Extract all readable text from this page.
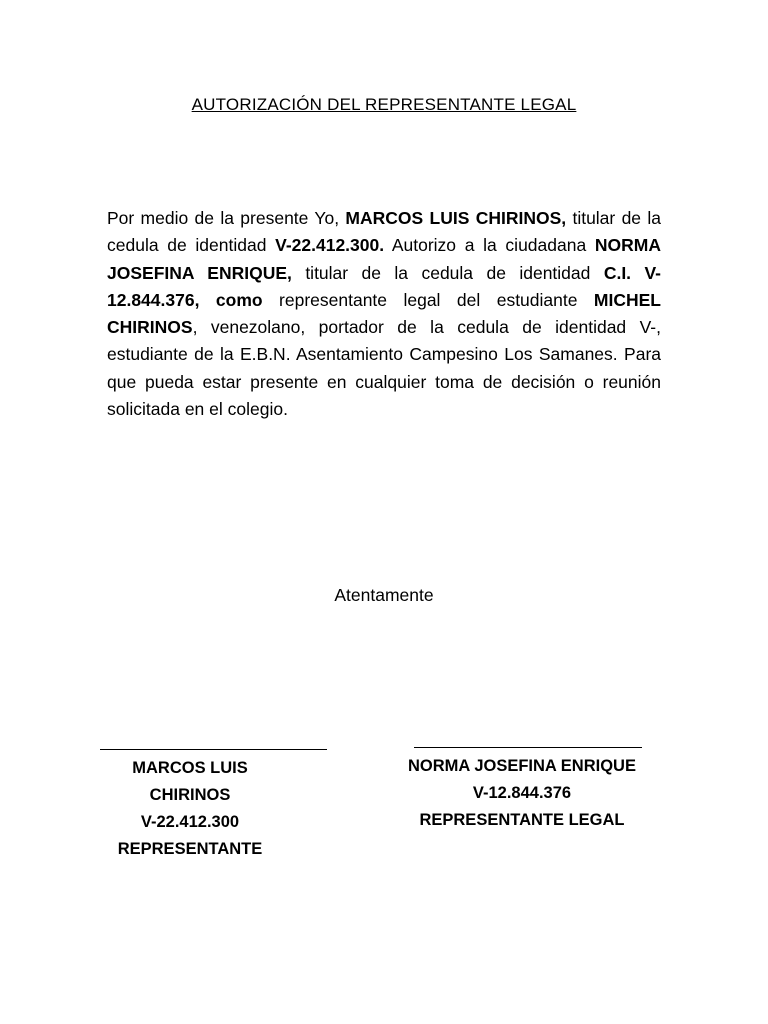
AUTORIZACIÓN DEL REPRESENTANTE LEGAL
Por medio de la presente Yo, MARCOS LUIS CHIRINOS, titular de la cedula de identidad V-22.412.300. Autorizo a la ciudadana NORMA JOSEFINA ENRIQUE, titular de la cedula de identidad C.I. V-12.844.376, como representante legal del estudiante MICHEL CHIRINOS, venezolano, portador de la cedula de identidad V-, estudiante de la E.B.N. Asentamiento Campesino Los Samanes. Para que pueda estar presente en cualquier toma de decisión o reunión solicitada en el colegio.
Atentamente
MARCOS LUIS
CHIRINOS
V-22.412.300
REPRESENTANTE
NORMA JOSEFINA ENRIQUE
V-12.844.376
REPRESENTANTE LEGAL
